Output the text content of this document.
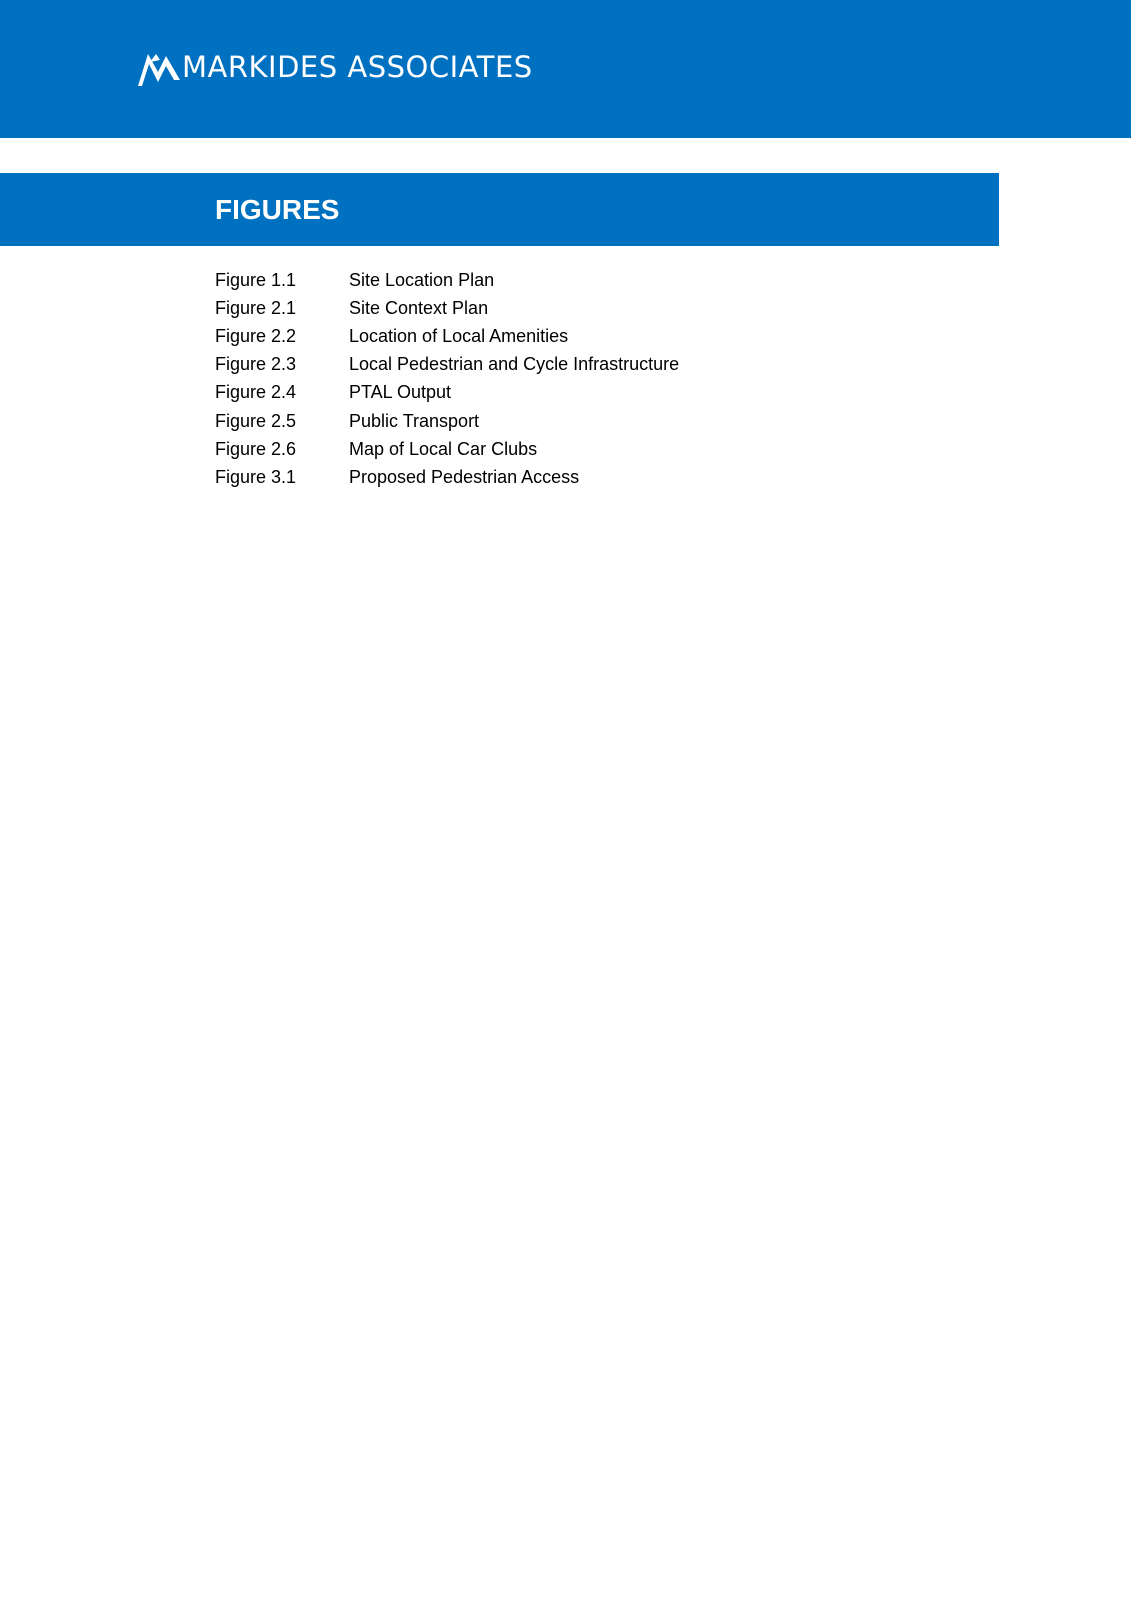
MARKIDES ASSOCIATES
FIGURES
Figure 1.1	Site Location Plan
Figure 2.1	Site Context Plan
Figure 2.2	Location of Local Amenities
Figure 2.3	Local Pedestrian and Cycle Infrastructure
Figure 2.4	PTAL Output
Figure 2.5	Public Transport
Figure 2.6	Map of Local Car Clubs
Figure 3.1	Proposed Pedestrian Access
